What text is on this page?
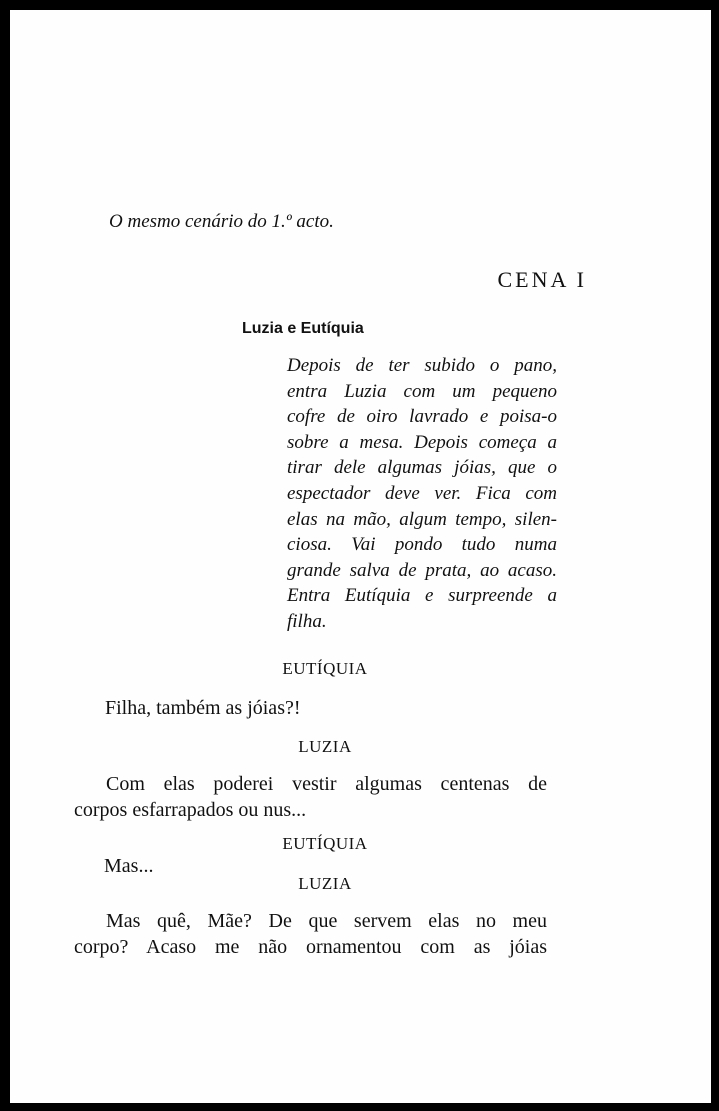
O mesmo cenário do 1.º acto.
CENA I
Luzia e Eutíquia
Depois de ter subido o pano,
entra Luzia com um pequeno
cofre de oiro lavrado e poisa-o
sobre a mesa. Depois começa a
tirar dele algumas jóias, que o
espectador deve ver. Fica com
elas na mão, algum tempo, silen-
ciosa. Vai pondo tudo numa
grande salva de prata, ao acaso.
Entra Eutíquia e surpreende a
filha.
EUTÍQUIA
Filha, também as jóias?!
LUZIA
Com elas poderei vestir algumas centenas de
corpos esfarrapados ou nus...
EUTÍQUIA
Mas...
LUZIA
Mas quê, Mãe? De que servem elas no meu
corpo? Acaso me não ornamentou com as jóias
